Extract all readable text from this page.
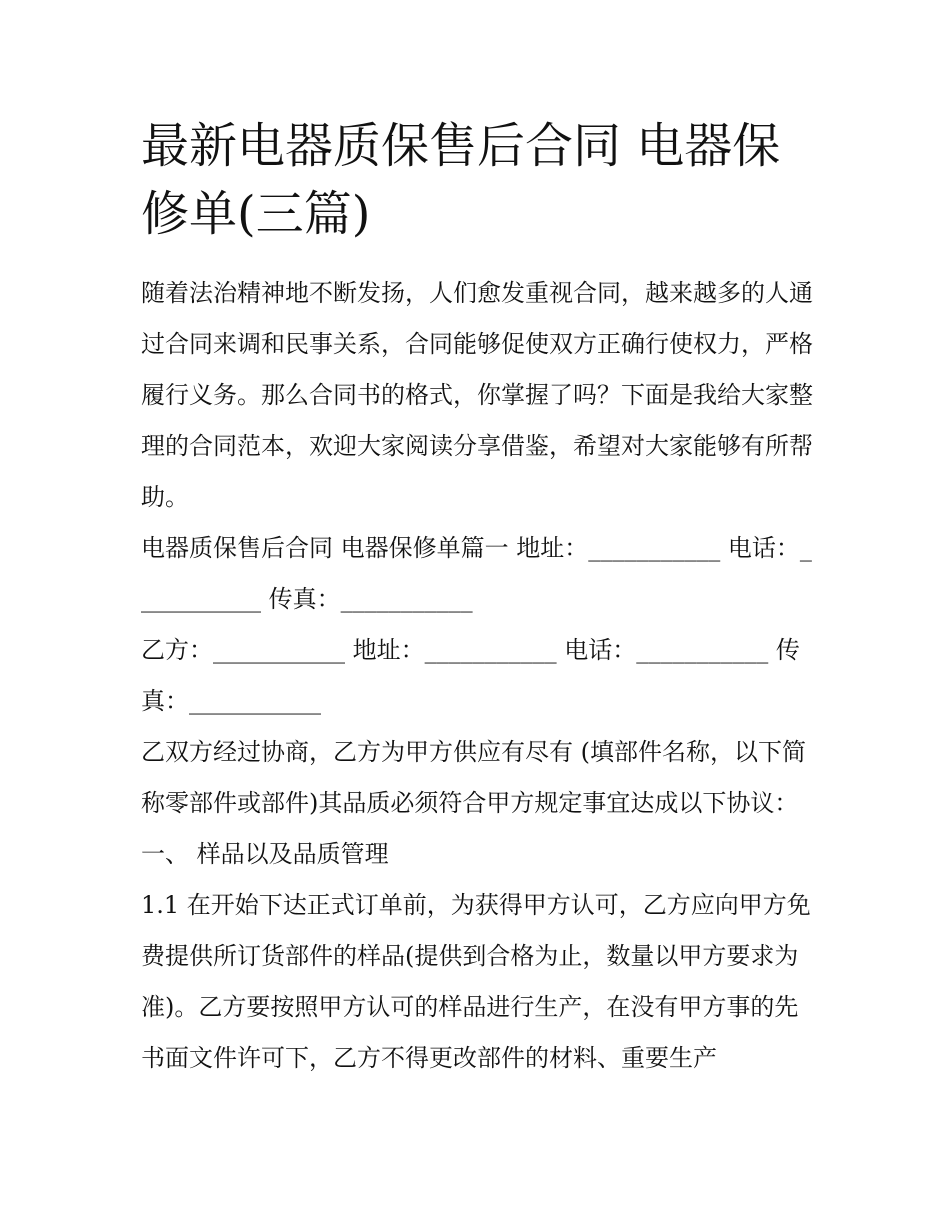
最新电器质保售后合同 电器保修单(三篇)

随着法治精神地不断发扬，人们愈发重视合同，越来越多的人通过合同来调和民事关系，合同能够促使双方正确行使权力，严格履行义务。那么合同书的格式，你掌握了吗？下面是我给大家整理的合同范本，欢迎大家阅读分享借鉴，希望对大家能够有所帮助。

电器质保售后合同 电器保修单篇一 地址：___________ 电话：___________ 传真：___________

乙方：___________ 地址：___________ 电话：___________ 传真：___________

乙双方经过协商，乙方为甲方供应有尽有 (填部件名称，以下简称零部件或部件)其品质必须符合甲方规定事宜达成以下协议： 一、 样品以及品质管理

1.1 在开始下达正式订单前，为获得甲方认可，乙方应向甲方免费提供所订货部件的样品(提供到合格为止，数量以甲方要求为准)。乙方要按照甲方认可的样品进行生产，在没有甲方事的先书面文件许可下，乙方不得更改部件的材料、重要生产
